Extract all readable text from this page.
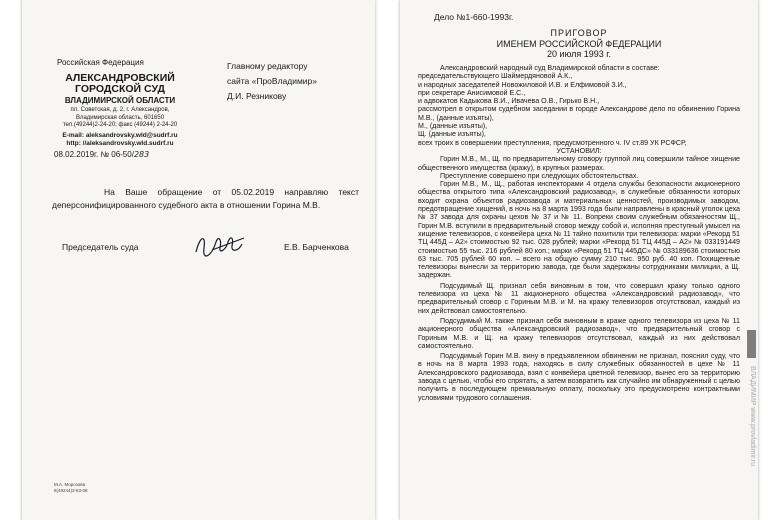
Российская Федерация
АЛЕКСАНДРОВСКИЙ
ГОРОДСКОЙ СУД
ВЛАДИМИРСКОЙ ОБЛАСТИ
пл. Советская, д. 2, г. Александров,
Владимирская область, 601650
тел.(49244)2-24-20; факс (49244) 2-24-20
E-mail: aleksandrovsky.wld@sudrf.ru
http: //aleksandrovsky.wld.sudrf.ru
08.02.2019г. № 06-50/283
Главному редактору
сайта «ПроВладимир»
Д.И. Резникову
На Ваше обращение от 05.02.2019 направляю текст
деперсонифицированного судебного акта в отношении Горина М.В.
Председатель суда	Е.В. Барченкова
М.А. Морозова
8(49244)3-53-08
Дело №1-660-1993г.
ПРИГОВОР
ИМЕНЕМ РОССИЙСКОЙ ФЕДЕРАЦИИ
20 июля 1993 г.

Александровский народный суд Владимирской области в составе:

председательствующего Шаймердяновой А.К.,

и народных заседателей Новожиловой И.В. и Елфимовой З.И.,

при секретаре Анисимовой Е.С.,

и адвокатов Кадыкова В.И., Ивачева О.В., Гирько В.Н.,

рассмотрел в открытом судебном заседании в городе Александрове дело по обвинению Горина М.В., (данные изъяты),

М., (данные изъяты),

Щ. (данные изъяты),

всех троих в совершении преступления, предусмотренного ч. IV ст.89 УК РСФСР,

УСТАНОВИЛ:

Горин М.В., М., Щ. по предварительному сговору группой лиц совершили тайное хищение общественного имущества (кражу), в крупных размерах.

Преступление совершено при следующих обстоятельствах.

Горин М.В., М., Щ., работая инспекторами 4 отдела службы безопасности акционерного общества открытого типа «Александровский радиозавод», в служебные обязанности которых входит охрана объектов радиозавода и материальных ценностей, производимых заводом, предотвращение хищений, в ночь на 8 марта 1993 года были направлены в красный уголок цеха № 37 завода для охраны цехов № 37 и № 11. Вопреки своим служебным обязанностям Щ., Горин М.В. вступили в предварительный сговор между собой и, исполняя преступный умысел на хищение телевизоров, с конвейера цеха № 11 тайно похитили три телевизора: марки «Рекорд 51 ТЦ 445Д – А2» стоимостью 92 тыс. 028 рублей; марки «Рекорд 51 ТЦ 445Д – А2» № 033191449 стоимостью 55 тыс. 216 рублей 80 коп.; марки «Рекорд 51 ТЦ 445ДС» № 033189636 стоимостью 63 тыс. 705 рублей 60 коп. – всего на общую сумму 210 тыс. 950 руб. 40 коп. Похищенные телевизоры вынесли за территорию завода, где были задержаны сотрудниками милиции, а Щ. задержан.

Подсудимый Щ. признал себя виновным в том, что совершил кражу только одного телевизора из цеха № 11 акционерного общества «Александровский радиозавод», что предварительный сговор с Гориным М.В. и М. на кражу телевизоров отсутствовал, каждый из них действовал самостоятельно.

Подсудимый М. также признал себя виновным в краже одного телевизора из цеха № 11 акционерного общества «Александровский радиозавод», что предварительный сговор с Гориным М.В. и Щ. на кражу телевизоров отсутствовал, каждый из них действовал самостоятельно.

Подсудимый Горин М.В. вину в предъявленном обвинении не признал, пояснил суду, что в ночь на 8 марта 1993 года, находясь в силу служебных обязанностей в цехе № 11 Александровского радиозавода, взял с конвейера цветной телевизор, вынес его за территорию завода с целью, чтобы его спрятать, а затем возвратить как случайно им обнаруженный с целью получить в последующем премиальную оплату, поскольку это предусмотрено контрактными условиями трудового соглашения.	ВЛАДИМИР www.provladimir.ru
